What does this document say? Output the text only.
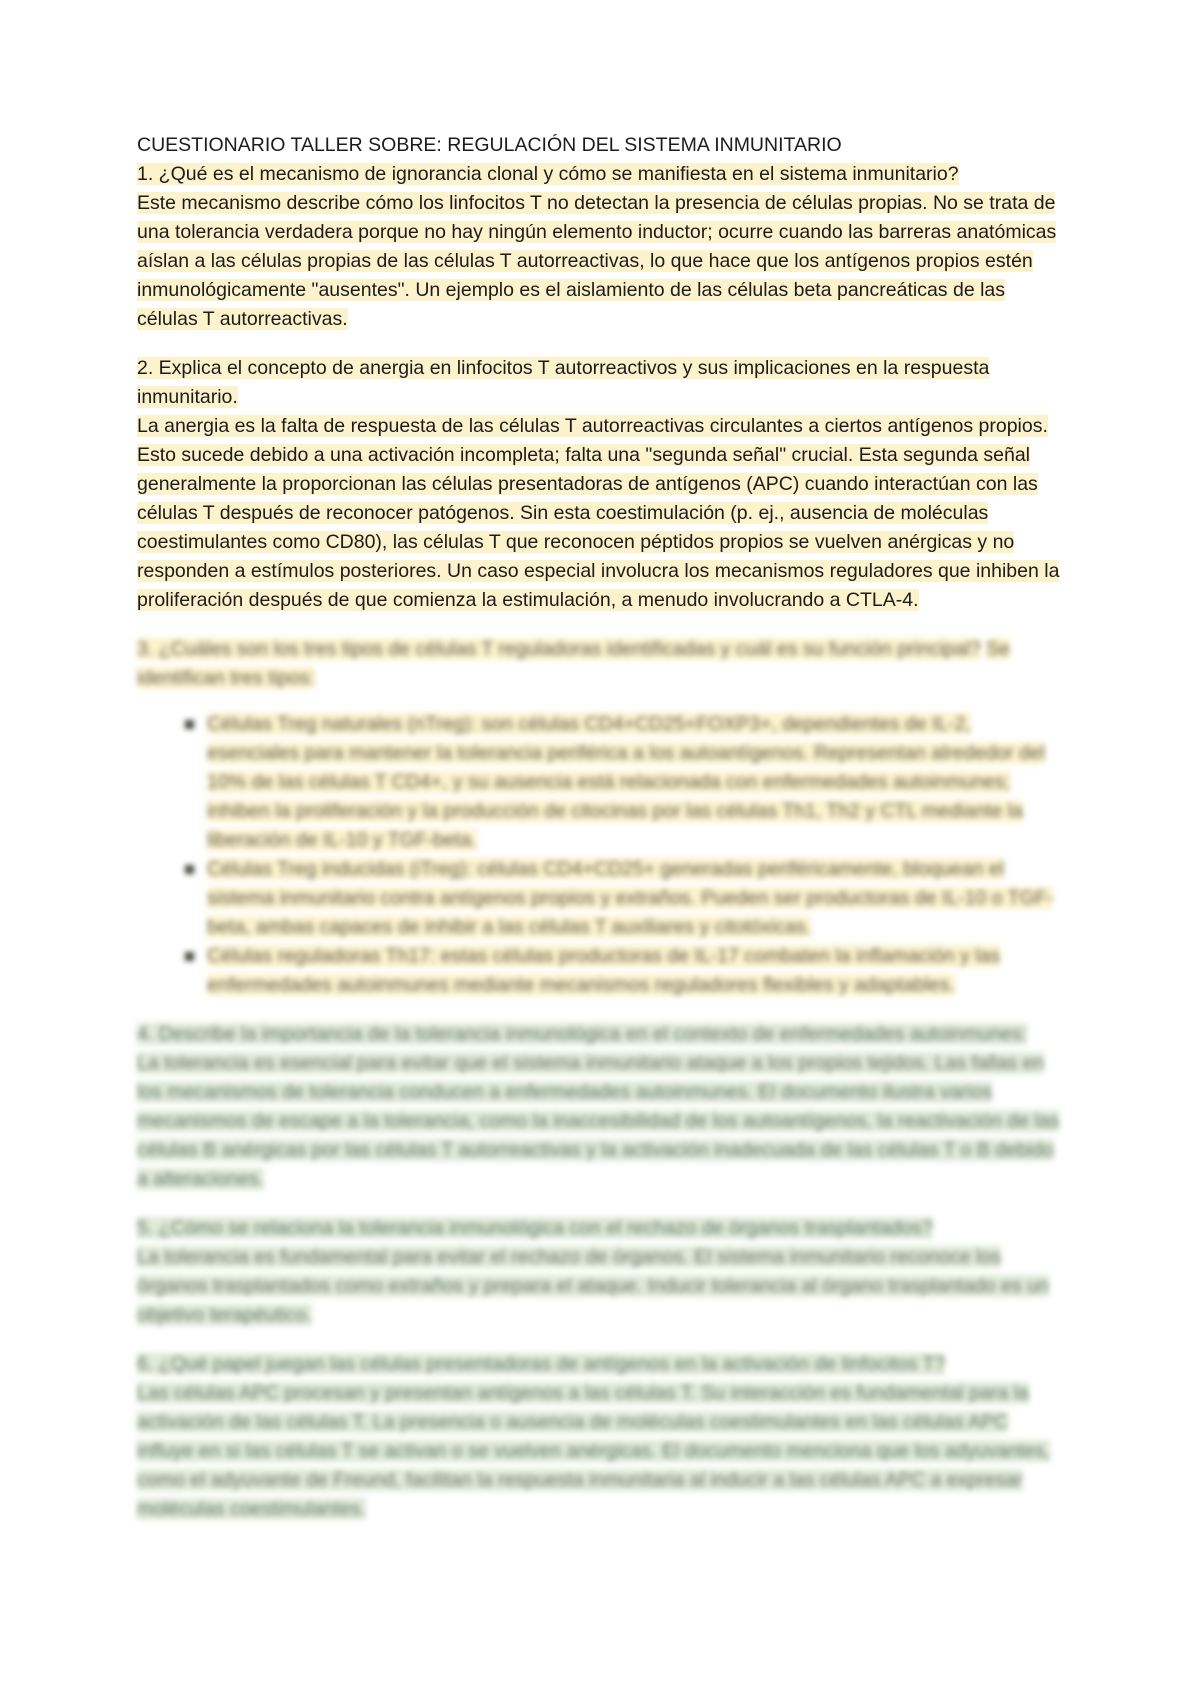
CUESTIONARIO TALLER SOBRE: REGULACIÓN DEL SISTEMA INMUNITARIO

1. ¿Qué es el mecanismo de ignorancia clonal y cómo se manifiesta en el sistema inmunitario?

Este mecanismo describe cómo los linfocitos T no detectan la presencia de células propias. No se trata de una tolerancia verdadera porque no hay ningún elemento inductor; ocurre cuando las barreras anatómicas aíslan a las células propias de las células T autorreactivas, lo que hace que los antígenos propios estén inmunológicamente "ausentes". Un ejemplo es el aislamiento de las células beta pancreáticas de las células T autorreactivas.

2. Explica el concepto de anergia en linfocitos T autorreactivos y sus implicaciones en la respuesta inmunitario.

La anergia es la falta de respuesta de las células T autorreactivas circulantes a ciertos antígenos propios. Esto sucede debido a una activación incompleta; falta una "segunda señal" crucial. Esta segunda señal generalmente la proporcionan las células presentadoras de antígenos (APC) cuando interactúan con las células T después de reconocer patógenos. Sin esta coestimulación (p. ej., ausencia de moléculas coestimulantes como CD80), las células T que reconocen péptidos propios se vuelven anérgicas y no responden a estímulos posteriores. Un caso especial involucra los mecanismos reguladores que inhiben la proliferación después de que comienza la estimulación, a menudo involucrando a CTLA-4.

3. ¿Cuáles son los tres tipos de células T reguladoras identificadas y cuál es su función principal? Se identifican tres tipos:

Células Treg naturales (nTreg): son células CD4+CD25+FOXP3+, dependientes de IL-2, esenciales para mantener la tolerancia periférica a los autoantígenos. Representan alrededor del 10% de las células T CD4+, y su ausencia está relacionada con enfermedades autoinmunes; inhiben la proliferación y la producción de citocinas por las células Th1, Th2 y CTL mediante la liberación de IL-10 y TGF-beta.
Células Treg inducidas (iTreg): células CD4+CD25+ generadas periféricamente, bloquean el sistema inmunitario contra antígenos propios y extraños. Pueden ser productoras de IL-10 o TGF-beta, ambas capaces de inhibir a las células T auxiliares y citotóxicas.
Células reguladoras Th17: estas células productoras de IL-17 combaten la inflamación y las enfermedades autoinmunes mediante mecanismos reguladores flexibles y adaptables.

4. Describe la importancia de la tolerancia inmunológica en el contexto de enfermedades autoinmunes:

La tolerancia es esencial para evitar que el sistema inmunitario ataque a los propios tejidos. Las fallas en los mecanismos de tolerancia conducen a enfermedades autoinmunes. El documento ilustra varios mecanismos de escape a la tolerancia, como la inaccesibilidad de los autoantígenos, la reactivación de las células B anérgicas por las células T autorreactivas y la activación inadecuada de las células T o B debido a alteraciones.

5. ¿Cómo se relaciona la tolerancia inmunológica con el rechazo de órganos trasplantados?

La tolerancia es fundamental para evitar el rechazo de órganos. El sistema inmunitario reconoce los órganos trasplantados como extraños y prepara el ataque. Inducir tolerancia al órgano trasplantado es un objetivo terapéutico.

6. ¿Qué papel juegan las células presentadoras de antígenos en la activación de linfocitos T?

Las células APC procesan y presentan antígenos a las células T. Su interacción es fundamental para la activación de las células T. La presencia o ausencia de moléculas coestimulantes en las células APC influye en si las células T se activan o se vuelven anérgicas. El documento menciona que los adyuvantes, como el adyuvante de Freund, facilitan la respuesta inmunitaria al inducir a las células APC a expresar moléculas coestimulantes.
